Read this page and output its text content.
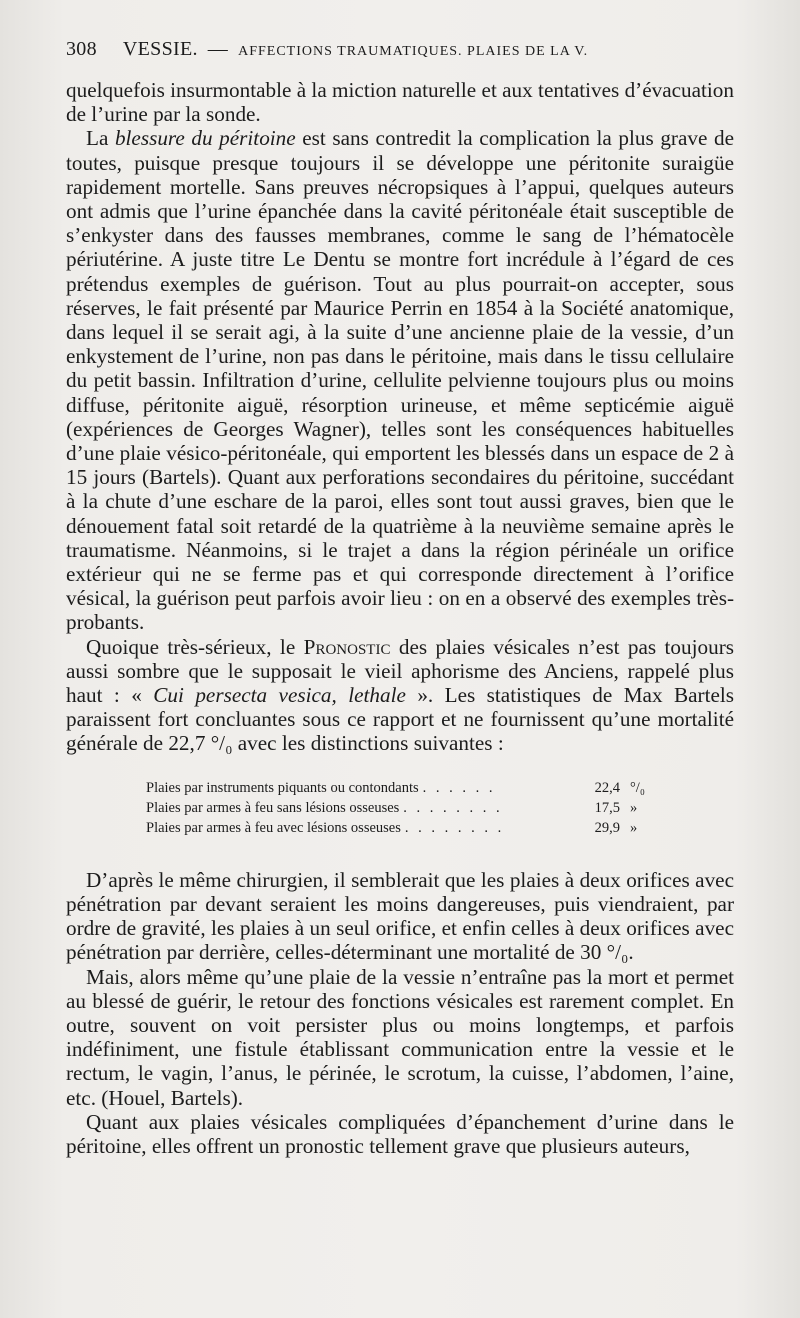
308 VESSIE. — AFFECTIONS TRAUMATIQUES. PLAIES DE LA V.

quelquefois insurmontable à la miction naturelle et aux tentatives d’évacuation de l’urine par la sonde.

La blessure du péritoine est sans contredit la complication la plus grave de toutes, puisque presque toujours il se développe une péritonite suraigüe rapidement mortelle. Sans preuves nécropsiques à l’appui, quelques auteurs ont admis que l’urine épanchée dans la cavité péritonéale était susceptible de s’enkyster dans des fausses membranes, comme le sang de l’hématocèle périutérine. A juste titre Le Dentu se montre fort incrédule à l’égard de ces prétendus exemples de guérison. Tout au plus pourrait-on accepter, sous réserves, le fait présenté par Maurice Perrin en 1854 à la Société anatomique, dans lequel il se serait agi, à la suite d’une ancienne plaie de la vessie, d’un enkystement de l’urine, non pas dans le péritoine, mais dans le tissu cellulaire du petit bassin. Infiltration d’urine, cellulite pelvienne toujours plus ou moins diffuse, péritonite aiguë, résorption urineuse, et même septicémie aiguë (expériences de Georges Wagner), telles sont les conséquences habituelles d’une plaie vésico-péritonéale, qui emportent les blessés dans un espace de 2 à 15 jours (Bartels). Quant aux perforations secondaires du péritoine, succédant à la chute d’une eschare de la paroi, elles sont tout aussi graves, bien que le dénouement fatal soit retardé de la quatrième à la neuvième semaine après le traumatisme. Néanmoins, si le trajet a dans la région périnéale un orifice extérieur qui ne se ferme pas et qui corresponde directement à l’orifice vésical, la guérison peut parfois avoir lieu : on en a observé des exemples très-probants.

Quoique très-sérieux, le Pronostic des plaies vésicales n’est pas toujours aussi sombre que le supposait le vieil aphorisme des Anciens, rappelé plus haut : « Cui persecta vesica, lethale ». Les statistiques de Max Bartels paraissent fort concluantes sous ce rapport et ne fournissent qu’une mortalité générale de 22,7 °/₀ avec les distinctions suivantes :

Plaies par instruments piquants ou contondants . . . . . .	22,4 °/₀
Plaies par armes à feu sans lésions osseuses . . . . . . . .	17,5 »
Plaies par armes à feu avec lésions osseuses . . . . . . . .	29,9 »

D’après le même chirurgien, il semblerait que les plaies à deux orifices avec pénétration par devant seraient les moins dangereuses, puis viendraient, par ordre de gravité, les plaies à un seul orifice, et enfin celles à deux orifices avec pénétration par derrière, celles-déterminant une mortalité de 30 °/₀.

Mais, alors même qu’une plaie de la vessie n’entraîne pas la mort et permet au blessé de guérir, le retour des fonctions vésicales est rarement complet. En outre, souvent on voit persister plus ou moins longtemps, et parfois indéfiniment, une fistule établissant communication entre la vessie et le rectum, le vagin, l’anus, le périnée, le scrotum, la cuisse, l’abdomen, l’aine, etc. (Houel, Bartels).

Quant aux plaies vésicales compliquées d’épanchement d’urine dans le péritoine, elles offrent un pronostic tellement grave que plusieurs auteurs,
